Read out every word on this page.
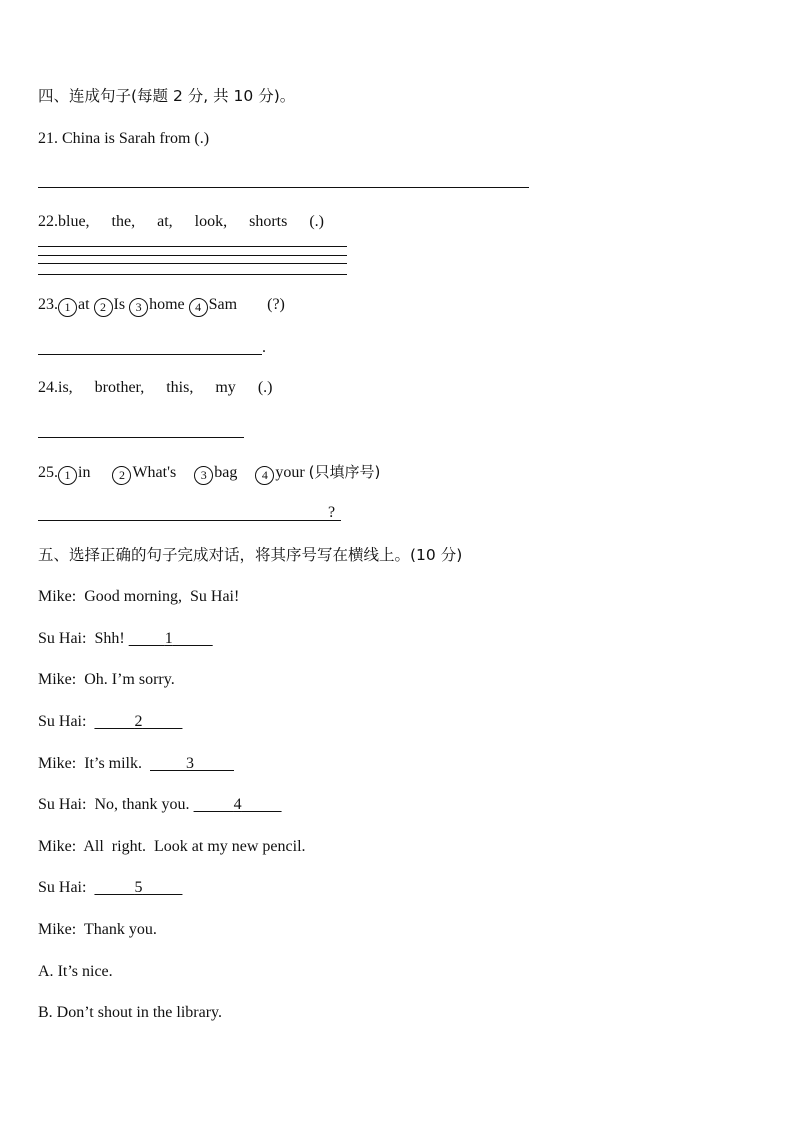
四、连成句子(每题 2 分, 共 10 分)。
21. China is Sarah from (.)
22.blue, the, at, look, shorts (.)
23. 1 at 2 Is 3 home 4 Sam (?)
.
24.is, brother, this, my (.)
25. 1 in 2 What's 3 bag 4 your (只填序号)
?
五、选择正确的句子完成对话，将其序号写在横线上。(10 分)
Mike: Good morning,  Su Hai!
Su Hai: Shh!	1
Mike: Oh. I’m sorry.
Su Hai:	2
Mike: It’s milk.	3
Su Hai: No, thank you.	4
Mike: All  right.  Look at my new pencil.
Su Hai:	5
Mike: Thank you.
A. It’s nice.
B. Don’t shout in the library.
